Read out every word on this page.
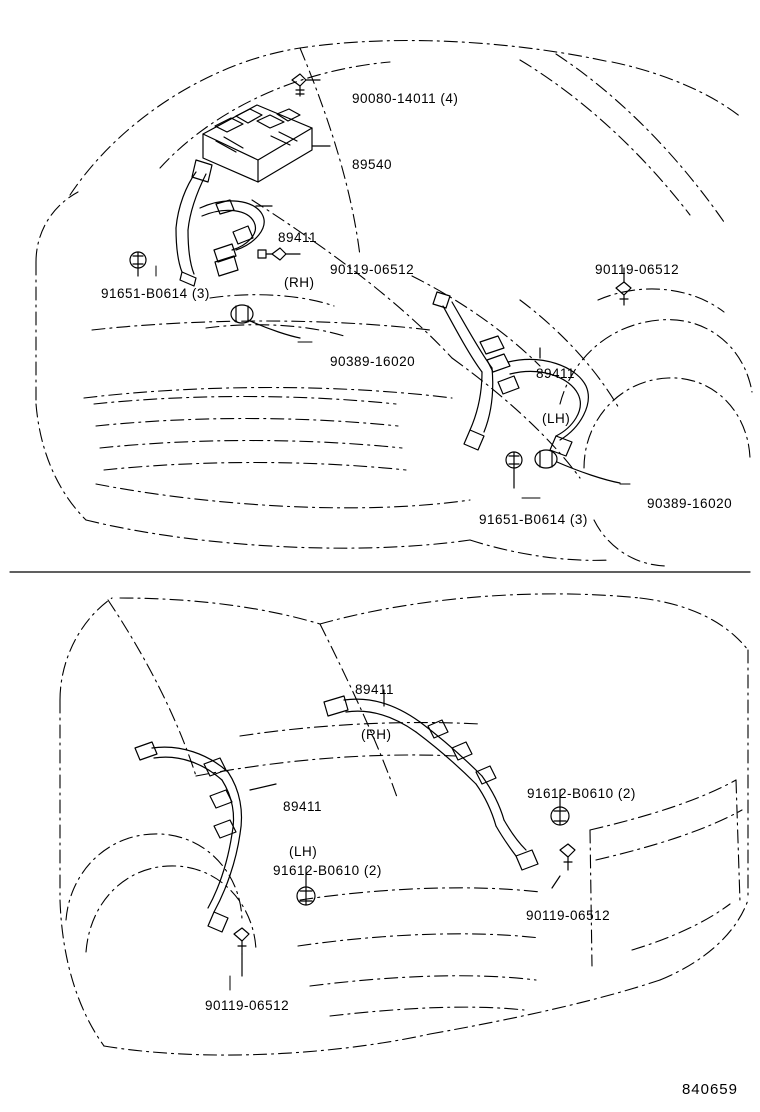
90080-14011 (4)

89540

89411

(RH)

90119-06512
	90119-06512

91651-B0614 (3)

90389-16020

89411

(LH)

90389-16020

91651-B0614 (3)

89411

(RH)

89411

(LH)

91612-B0610 (2)

91612-B0610 (2)

90119-06512

90119-06512

840659
